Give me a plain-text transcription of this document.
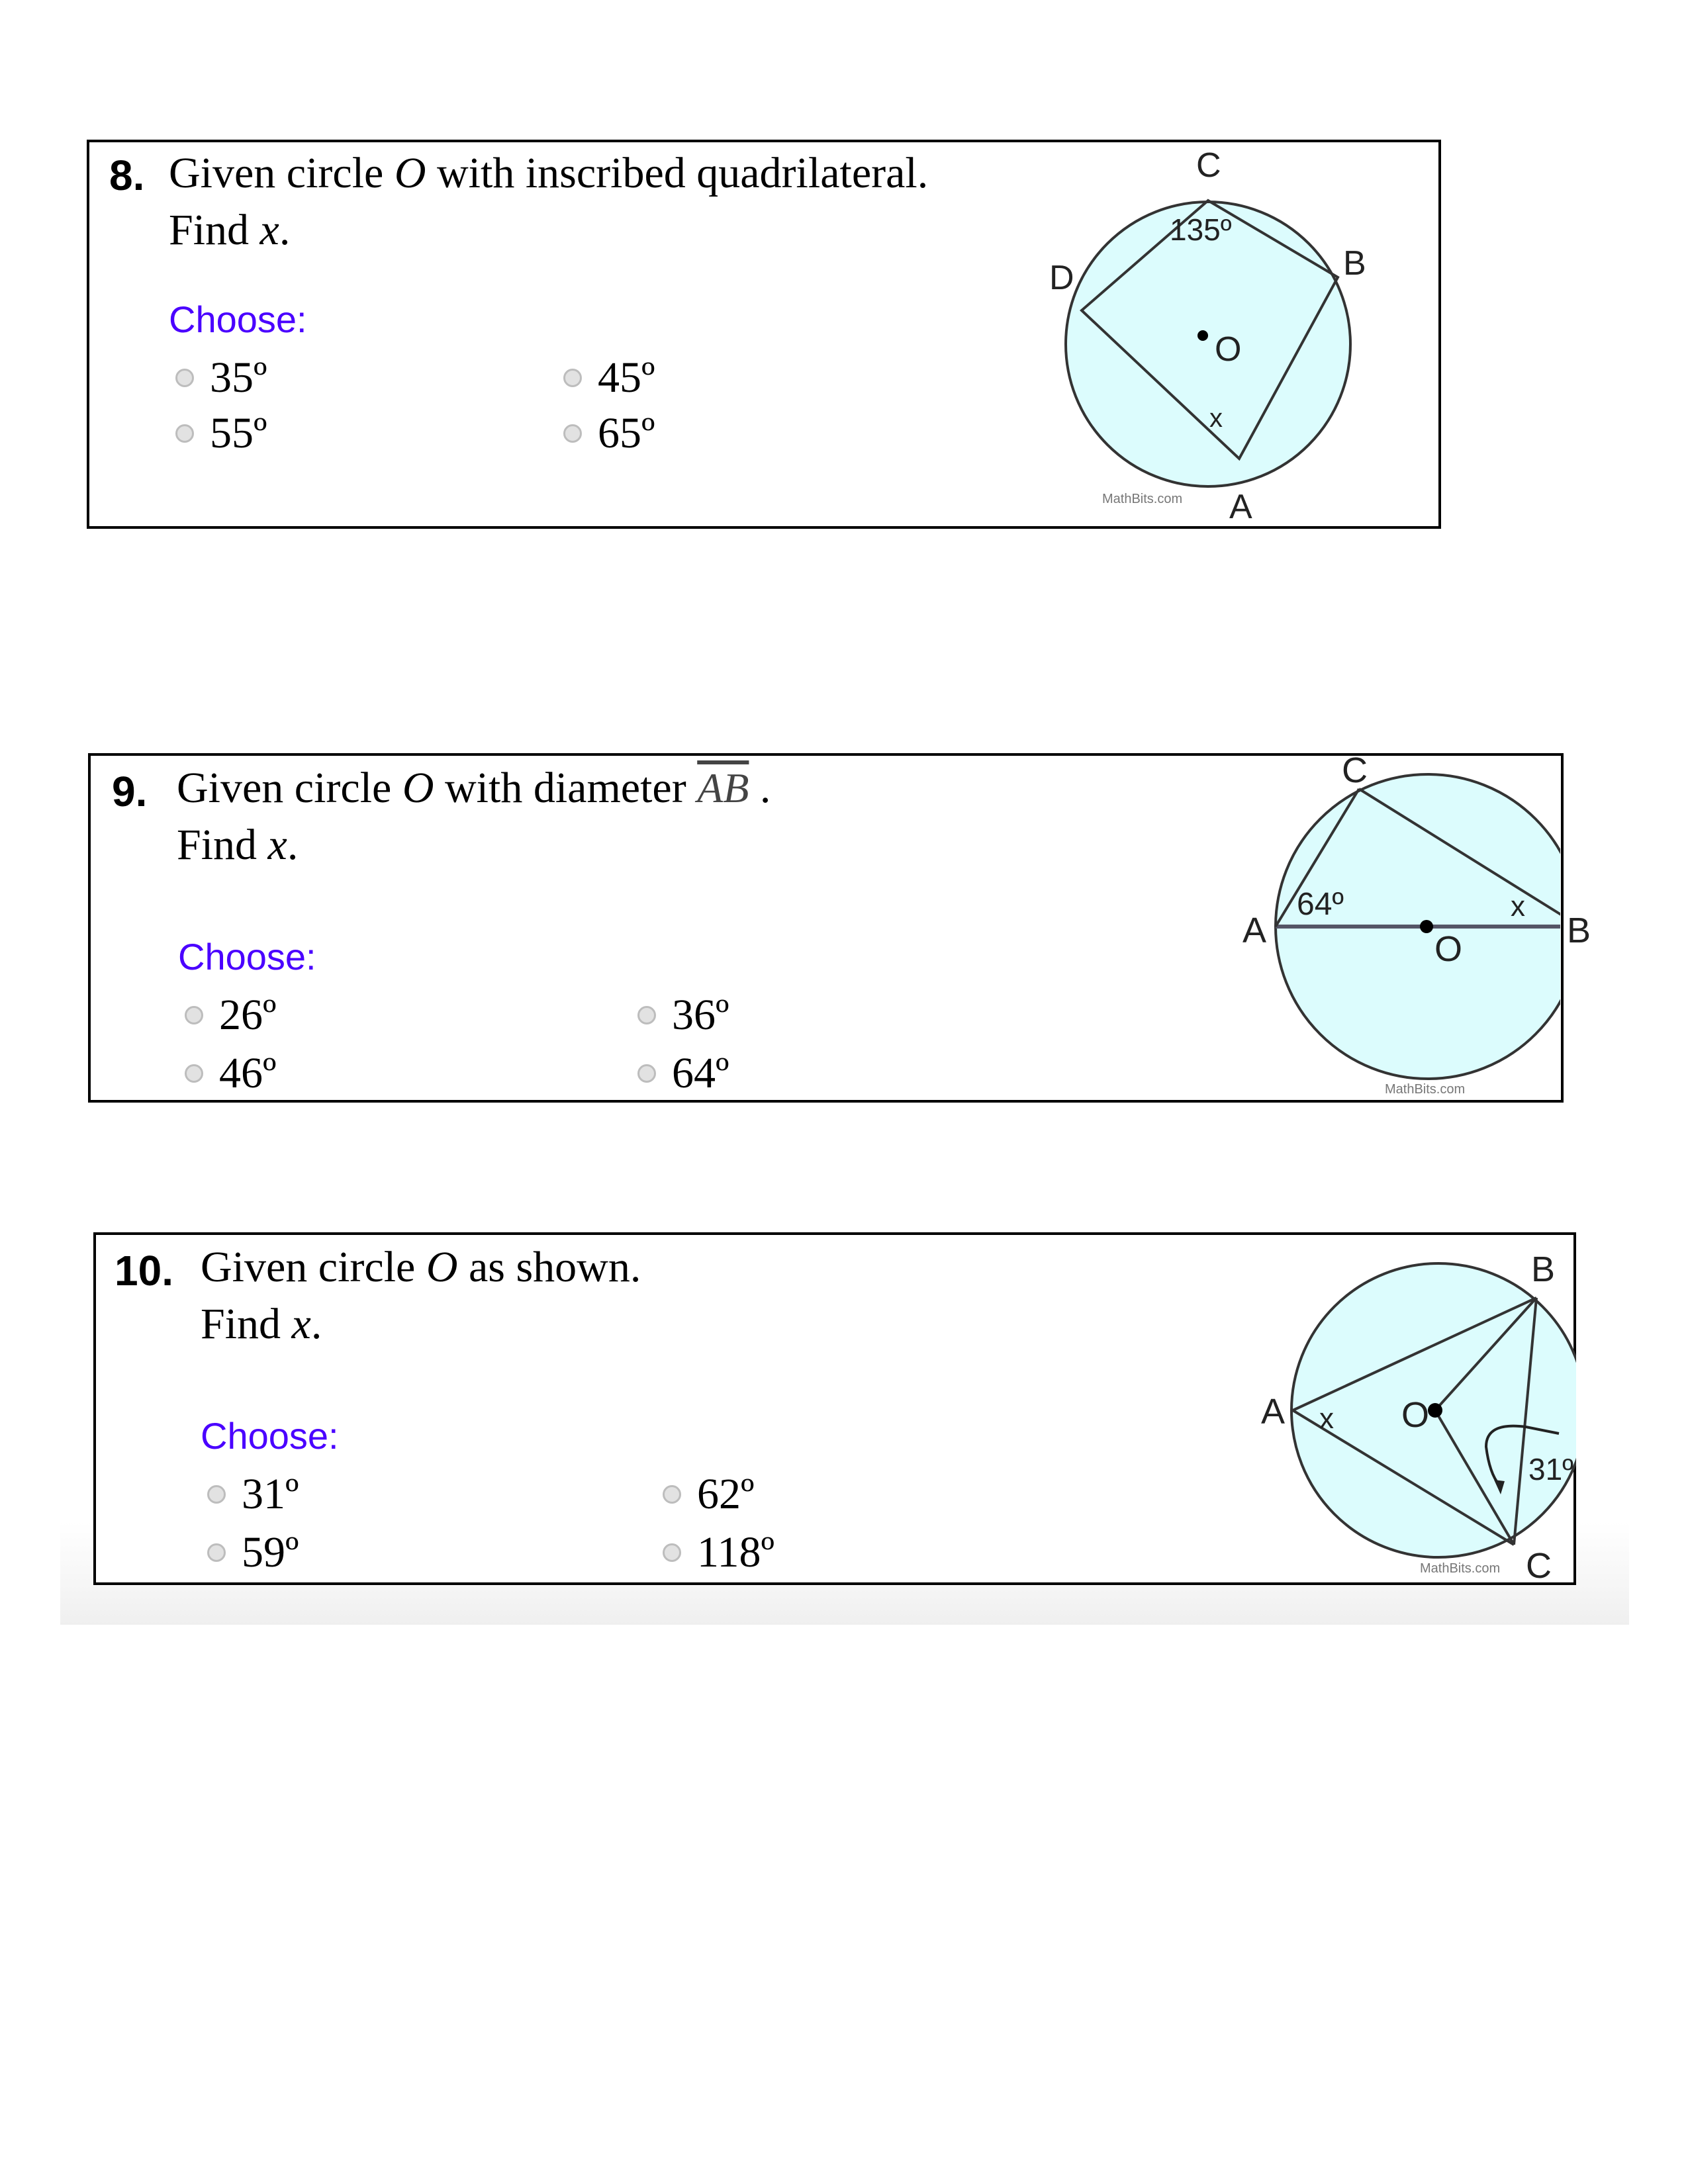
8. Given circle O with inscribed quadrilateral.
Find x.
Choose:
35º	45º
55º	65º
C
B
D
A
O
x
135º
MathBits.com
9. Given circle O with diameter $\overline{AB}$ .
Find x.
Choose:
26º	36º
46º	64º
C
A	O
x
64º
MathBits.com
B
10. Given circle O as shown.
Find x.
Choose:
31º	62º
59º	118º
B
A
C
O
x
31º
MathBits.com
